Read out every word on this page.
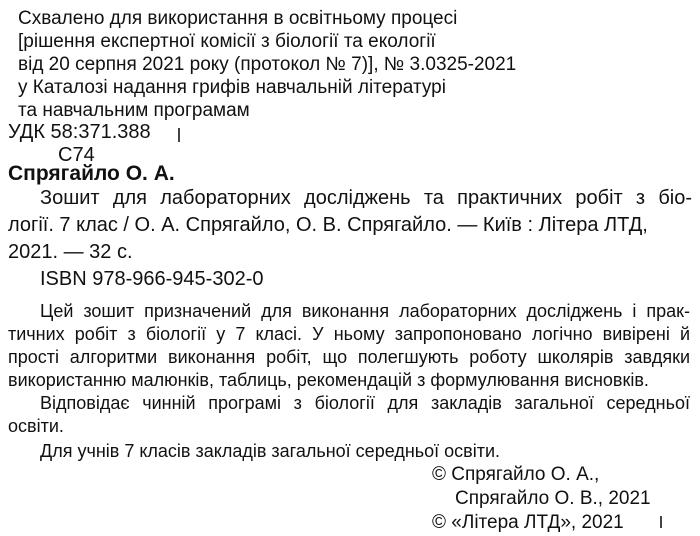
Схвалено для використання в освітньому процесі
[рішення експертної комісії з біології та екології
від 20 серпня 2021 року (протокол № 7)], № 3.0325-2021
у Каталозі надання грифів навчальній літературі
та навчальним програмам
УДК 58:371.388
С74
Спрягайло О. А.
Зошит для лабораторних досліджень та практичних робіт з біо-
логії. 7 клас / О. А. Спрягайло, О. В. Спрягайло. — Київ : Літера ЛТД,
2021. — 32 с.
ISBN 978-966-945-302-0
Цей зошит призначений для виконання лабораторних досліджень і прак-
тичних робіт з біології у 7 класі. У ньому запропоновано логічно вивірені й
прості алгоритми виконання робіт, що полегшують роботу школярів завдяки
використанню малюнків, таблиць, рекомендацій з формулювання висновків.
Відповідає чинній програмі з біології для закладів загальної середньої
освіти.
Для учнів 7 класів закладів загальної середньої освіти.
© Спрягайло О. А.,
Спрягайло О. В., 2021
© «Літера ЛТД», 2021
